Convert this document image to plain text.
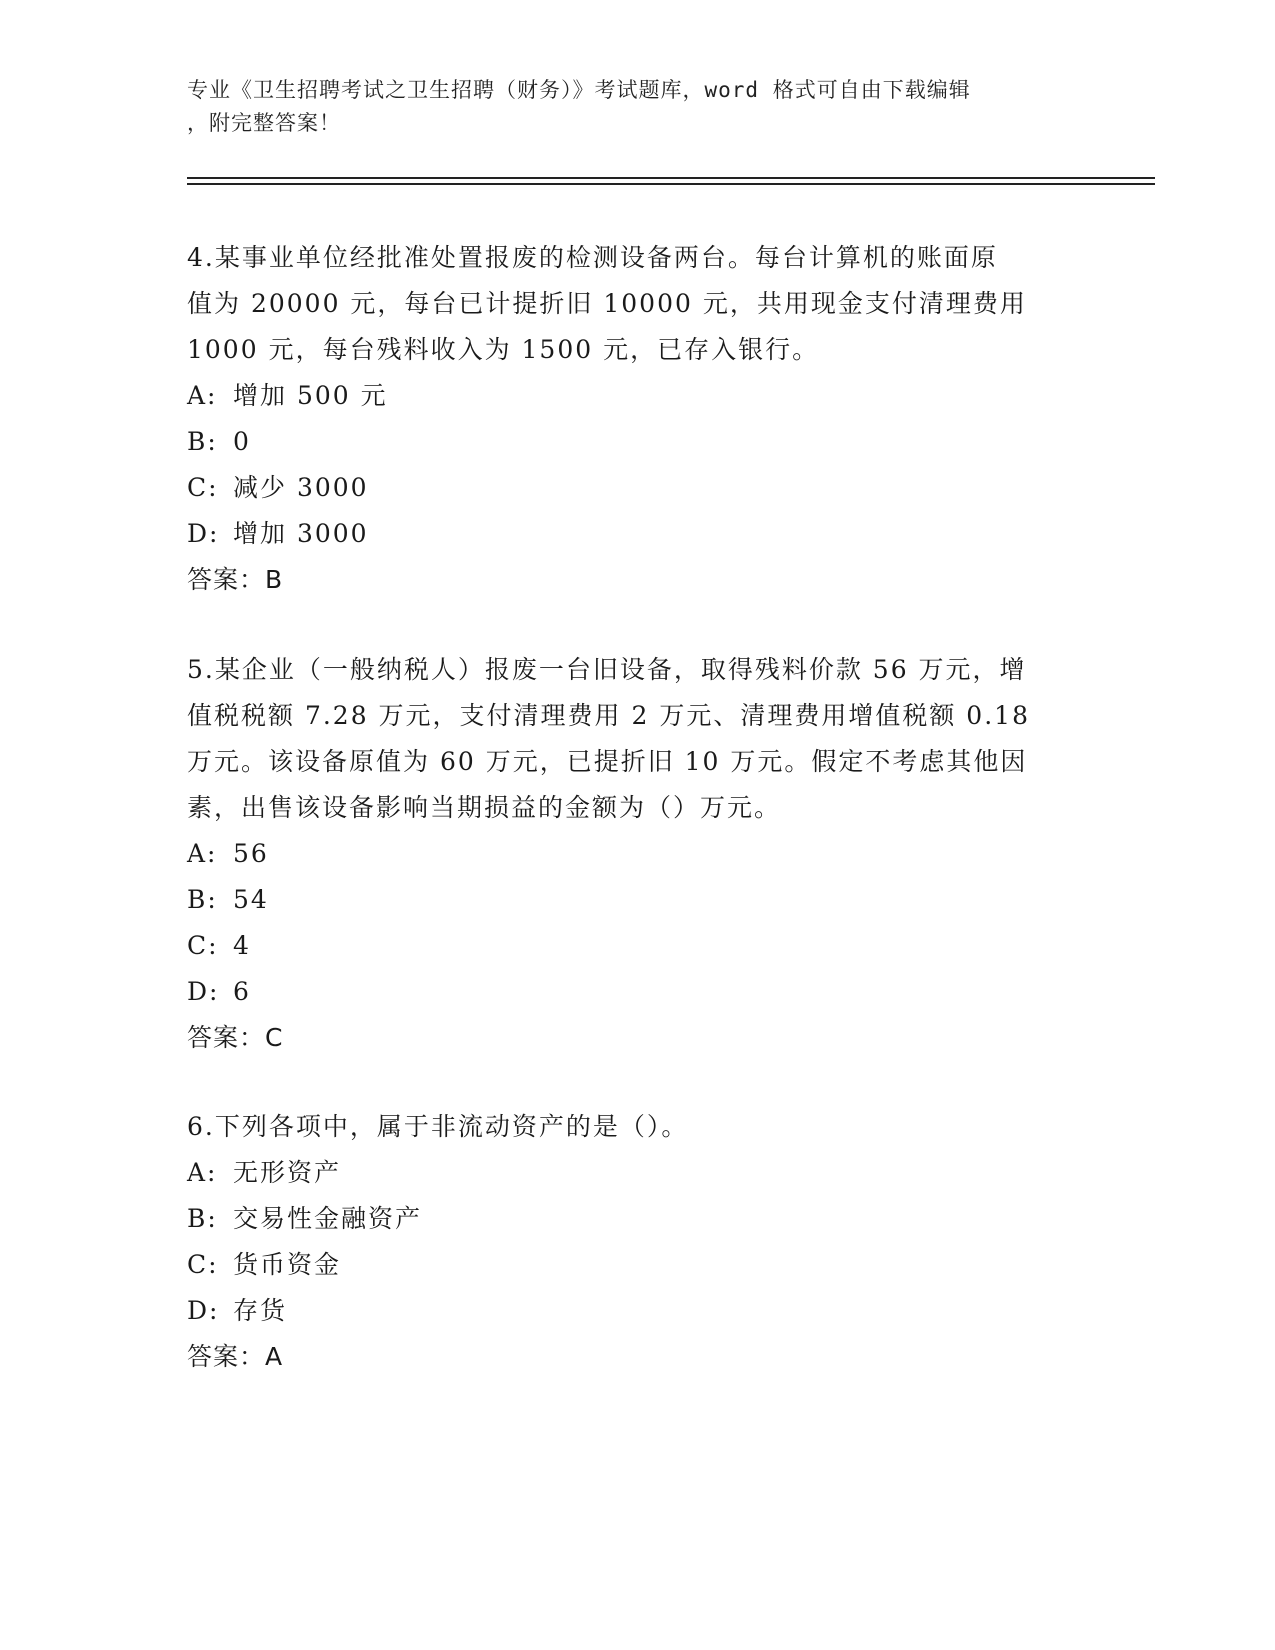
专业《卫生招聘考试之卫生招聘（财务）》考试题库，word 格式可自由下载编辑
，附完整答案！

4.某事业单位经批准处置报废的检测设备两台。每台计算机的账面原

值为 20000 元，每台已计提折旧 10000 元，共用现金支付清理费用

1000 元，每台残料收入为 1500 元，已存入银行。

A: 增加 500 元

B: 0

C: 减少 3000

D: 增加 3000

答案：B

5.某企业（一般纳税人）报废一台旧设备，取得残料价款 56 万元，增

值税税额 7.28 万元，支付清理费用 2 万元、清理费用增值税额 0.18

万元。该设备原值为 60 万元，已提折旧 10 万元。假定不考虑其他因

素，出售该设备影响当期损益的金额为（）万元。

A: 56

B: 54

C: 4

D: 6

答案：C

6.下列各项中，属于非流动资产的是（）。

A: 无形资产

B: 交易性金融资产

C: 货币资金

D: 存货

答案：A
